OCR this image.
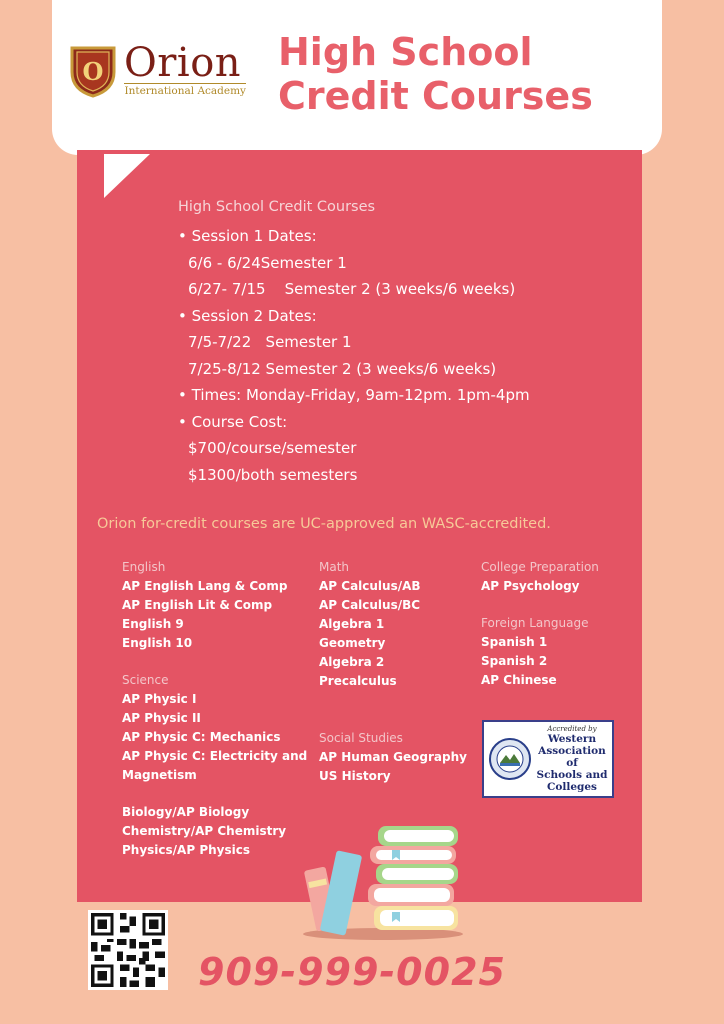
O Orion
International Academy
High School
Credit Courses
High School Credit Courses
• Session 1 Dates:
6/6 - 6/24Semester 1
6/27- 7/15    Semester 2 (3 weeks/6 weeks)
• Session 2 Dates:
7/5-7/22   Semester 1
7/25-8/12 Semester 2 (3 weeks/6 weeks)
• Times: Monday-Friday, 9am-12pm. 1pm-4pm
• Course Cost:
$700/course/semester
$1300/both semesters
Orion for-credit courses are UC-approved an WASC-accredited.
English
AP English Lang & Comp
AP English Lit & Comp
English 9
English 10
Science
AP Physic I
AP Physic II
AP Physic C: Mechanics
AP Physic C: Electricity and
Magnetism
Biology/AP Biology
Chemistry/AP Chemistry
Physics/AP Physics
Math
AP Calculus/AB
AP Calculus/BC
Algebra 1
Geometry
Algebra 2
Precalculus
Social Studies
AP Human Geography
US History
College Preparation
AP Psychology
Foreign Language
Spanish 1
Spanish 2
AP Chinese
Accredited by
Western
Association of
Schools and Colleges
909-999-0025
